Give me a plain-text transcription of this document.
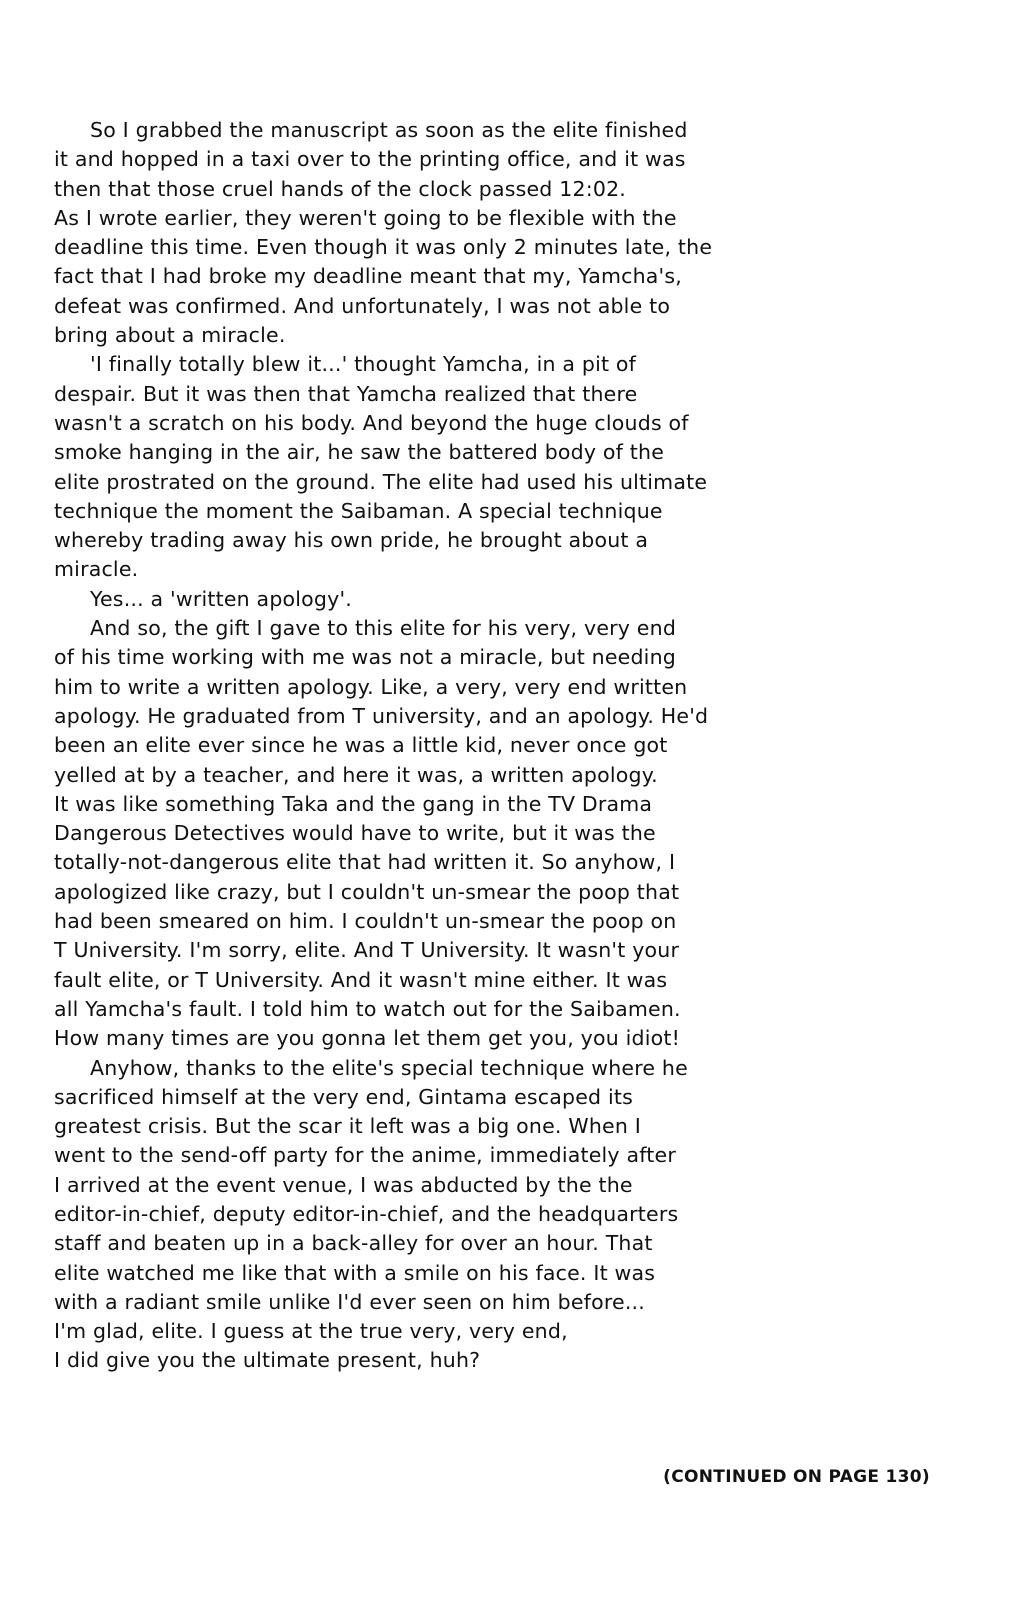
So I grabbed the manuscript as soon as the elite finished
it and hopped in a taxi over to the printing office, and it was
then that those cruel hands of the clock passed 12:02.
As I wrote earlier, they weren't going to be flexible with the
deadline this time. Even though it was only 2 minutes late, the
fact that I had broke my deadline meant that my, Yamcha's,
defeat was confirmed. And unfortunately, I was not able to
bring about a miracle.
'I finally totally blew it...' thought Yamcha, in a pit of
despair. But it was then that Yamcha realized that there
wasn't a scratch on his body. And beyond the huge clouds of
smoke hanging in the air, he saw the battered body of the
elite prostrated on the ground. The elite had used his ultimate
technique the moment the Saibaman. A special technique
whereby trading away his own pride, he brought about a
miracle.
Yes... a 'written apology'.
And so, the gift I gave to this elite for his very, very end
of his time working with me was not a miracle, but needing
him to write a written apology. Like, a very, very end written
apology. He graduated from T university, and an apology. He'd
been an elite ever since he was a little kid, never once got
yelled at by a teacher, and here it was, a written apology.
It was like something Taka and the gang in the TV Drama
Dangerous Detectives would have to write, but it was the
totally-not-dangerous elite that had written it. So anyhow, I
apologized like crazy, but I couldn't un-smear the poop that
had been smeared on him. I couldn't un-smear the poop on
T University. I'm sorry, elite. And T University. It wasn't your
fault elite, or T University. And it wasn't mine either. It was
all Yamcha's fault. I told him to watch out for the Saibamen.
How many times are you gonna let them get you, you idiot!
Anyhow, thanks to the elite's special technique where he
sacrificed himself at the very end, Gintama escaped its
greatest crisis. But the scar it left was a big one. When I
went to the send-off party for the anime, immediately after
I arrived at the event venue, I was abducted by the the
editor-in-chief, deputy editor-in-chief, and the headquarters
staff and beaten up in a back-alley for over an hour. That
elite watched me like that with a smile on his face. It was
with a radiant smile unlike I'd ever seen on him before...
I'm glad, elite. I guess at the true very, very end,
I did give you the ultimate present, huh?
(CONTINUED ON PAGE 130)
